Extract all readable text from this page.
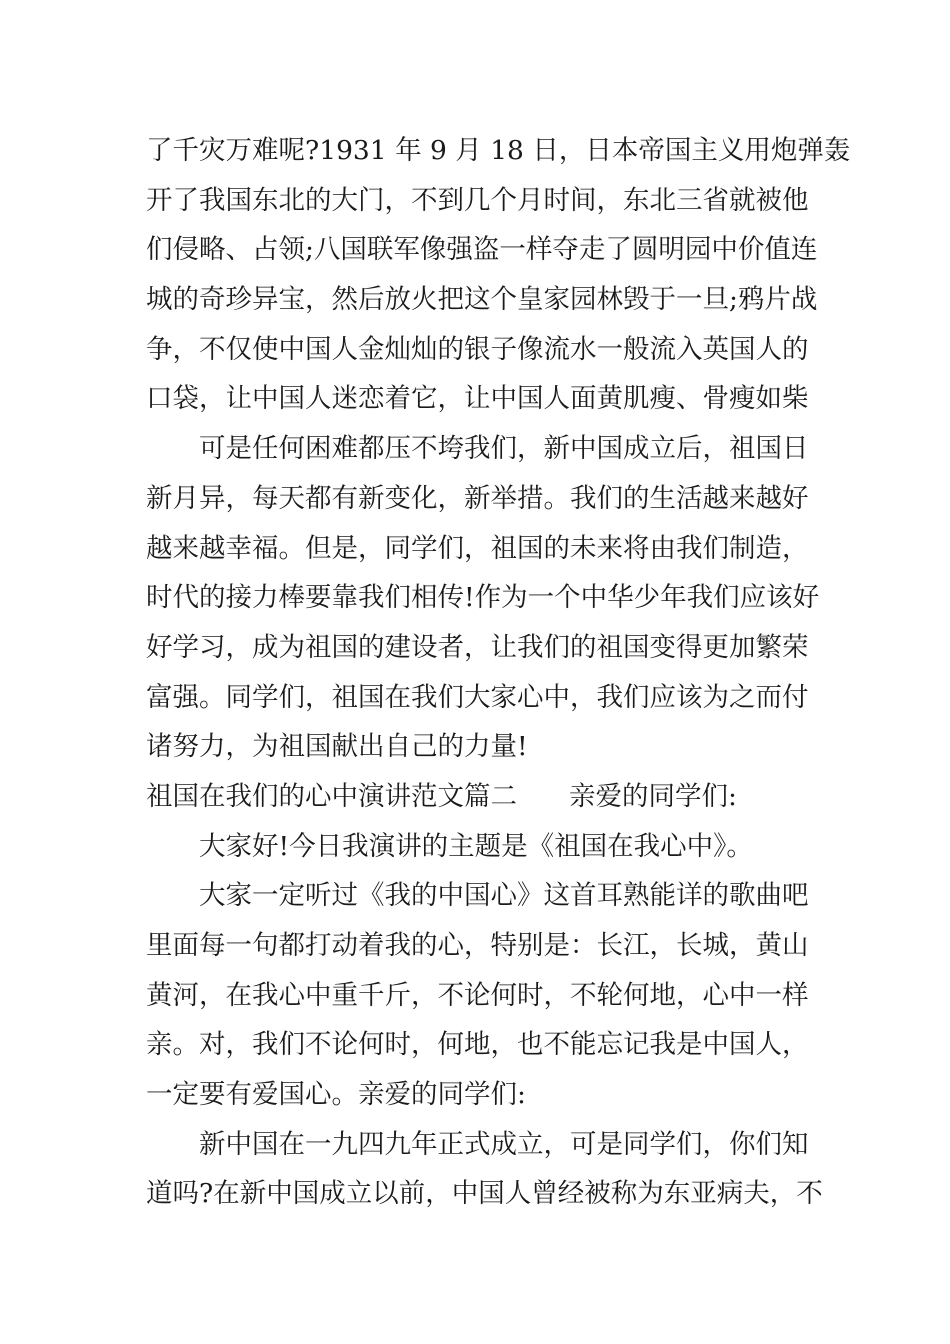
了千灾万难呢?1931 年 9 月 18 日，日本帝国主义用炮弹轰
开了我国东北的大门，不到几个月时间，东北三省就被他
们侵略、占领;八国联军像强盗一样夺走了圆明园中价值连
城的奇珍异宝，然后放火把这个皇家园林毁于一旦;鸦片战
争，不仅使中国人金灿灿的银子像流水一般流入英国人的
口袋，让中国人迷恋着它，让中国人面黄肌瘦、骨瘦如柴
可是任何困难都压不垮我们，新中国成立后，祖国日
新月异，每天都有新变化，新举措。我们的生活越来越好
越来越幸福。但是，同学们，祖国的未来将由我们制造，
时代的接力棒要靠我们相传!作为一个中华少年我们应该好
好学习，成为祖国的建设者，让我们的祖国变得更加繁荣
富强。同学们，祖国在我们大家心中，我们应该为之而付
诸努力，为祖国献出自己的力量!
祖国在我们的心中演讲范文篇二 亲爱的同学们:
大家好!今日我演讲的主题是《祖国在我心中》。
大家一定听过《我的中国心》这首耳熟能详的歌曲吧
里面每一句都打动着我的心，特别是：长江，长城，黄山
黄河，在我心中重千斤，不论何时，不轮何地，心中一样
亲。对，我们不论何时，何地，也不能忘记我是中国人，
一定要有爱国心。亲爱的同学们:
新中国在一九四九年正式成立，可是同学们，你们知
道吗?在新中国成立以前，中国人曾经被称为东亚病夫，不
